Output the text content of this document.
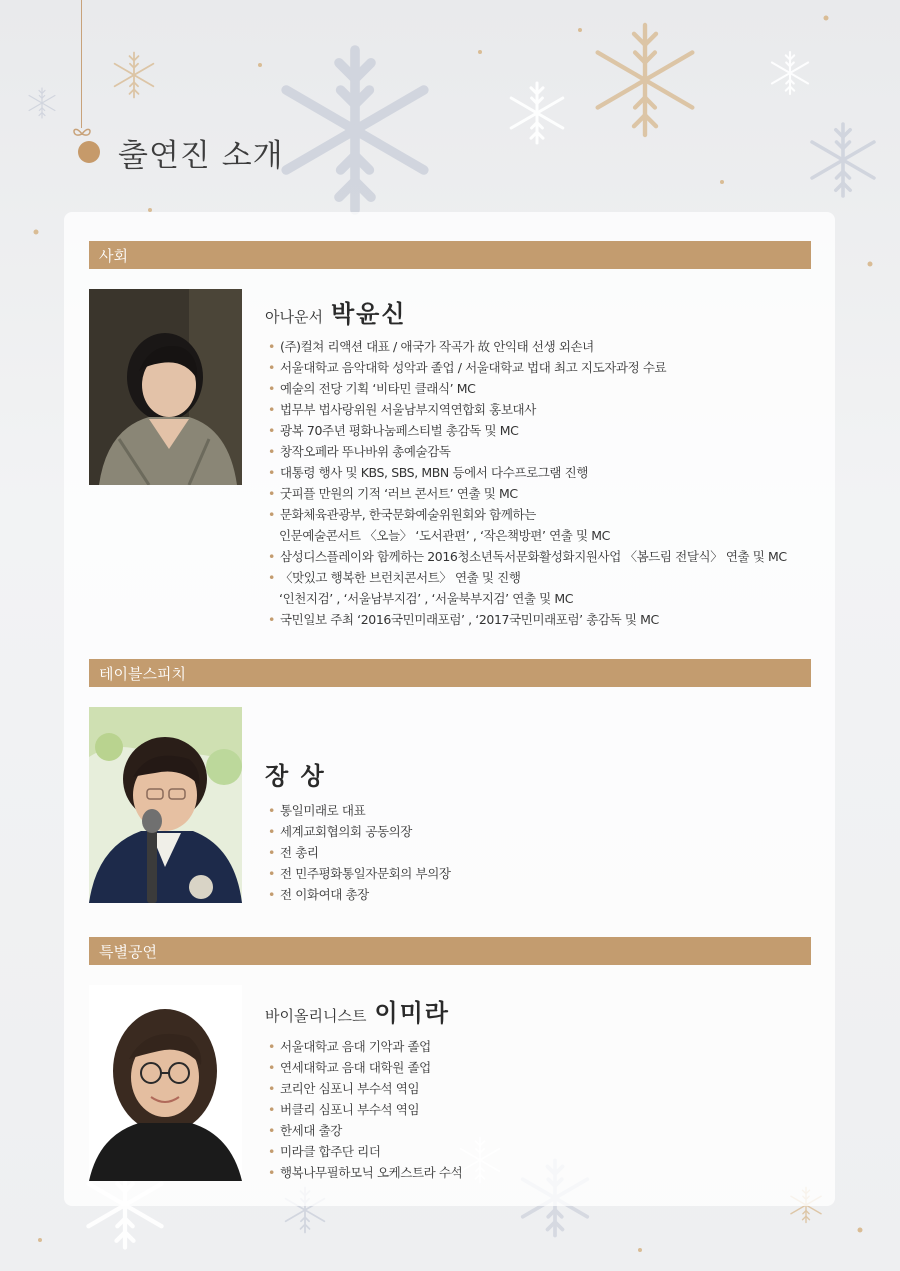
출연진 소개
사회
아나운서 박윤신
• (주)컬쳐 리액션 대표 / 애국가 작곡가 故 안익태 선생 외손녀
• 서울대학교 음악대학 성악과 졸업 / 서울대학교 법대 최고 지도자과정 수료
• 예술의 전당 기획 ‘비타민 클래식’ MC
• 법무부 법사랑위원 서울남부지역연합회 홍보대사
• 광복 70주년 평화나눔페스티벌 총감독 및 MC
• 창작오페라 뚜나바위 총예술감독
• 대통령 행사 및 KBS, SBS, MBN 등에서 다수프로그램 진행
• 굿피플 만원의 기적 ‘러브 콘서트’ 연출 및 MC
• 문화체육관광부, 한국문화예술위원회와 함께하는
인문예술콘서트 〈오늘〉 ‘도서관편’ , ‘작은책방편’ 연출 및 MC
• 삼성디스플레이와 함께하는 2016청소년독서문화활성화지원사업 〈봄드림 전달식〉 연출 및 MC
• 〈맛있고 행복한 브런치콘서트〉 연출 및 진행
‘인천지검’ , ‘서울남부지검’ , ‘서울북부지검’ 연출 및 MC
• 국민일보 주최 ‘2016국민미래포럼’ , ‘2017국민미래포럼’ 총감독 및 MC
테이블스피치
장 상
• 통일미래로 대표
• 세계교회협의회 공동의장
• 전 총리
• 전 민주평화통일자문회의 부의장
• 전 이화여대 총장
특별공연
바이올리니스트 이미라
• 서울대학교 음대 기악과 졸업
• 연세대학교 음대 대학원 졸업
• 코리안 심포니 부수석 역임
• 버클리 심포니 부수석 역임
• 한세대 출강
• 미라클 합주단 리더
• 행복나무필하모닉 오케스트라 수석
